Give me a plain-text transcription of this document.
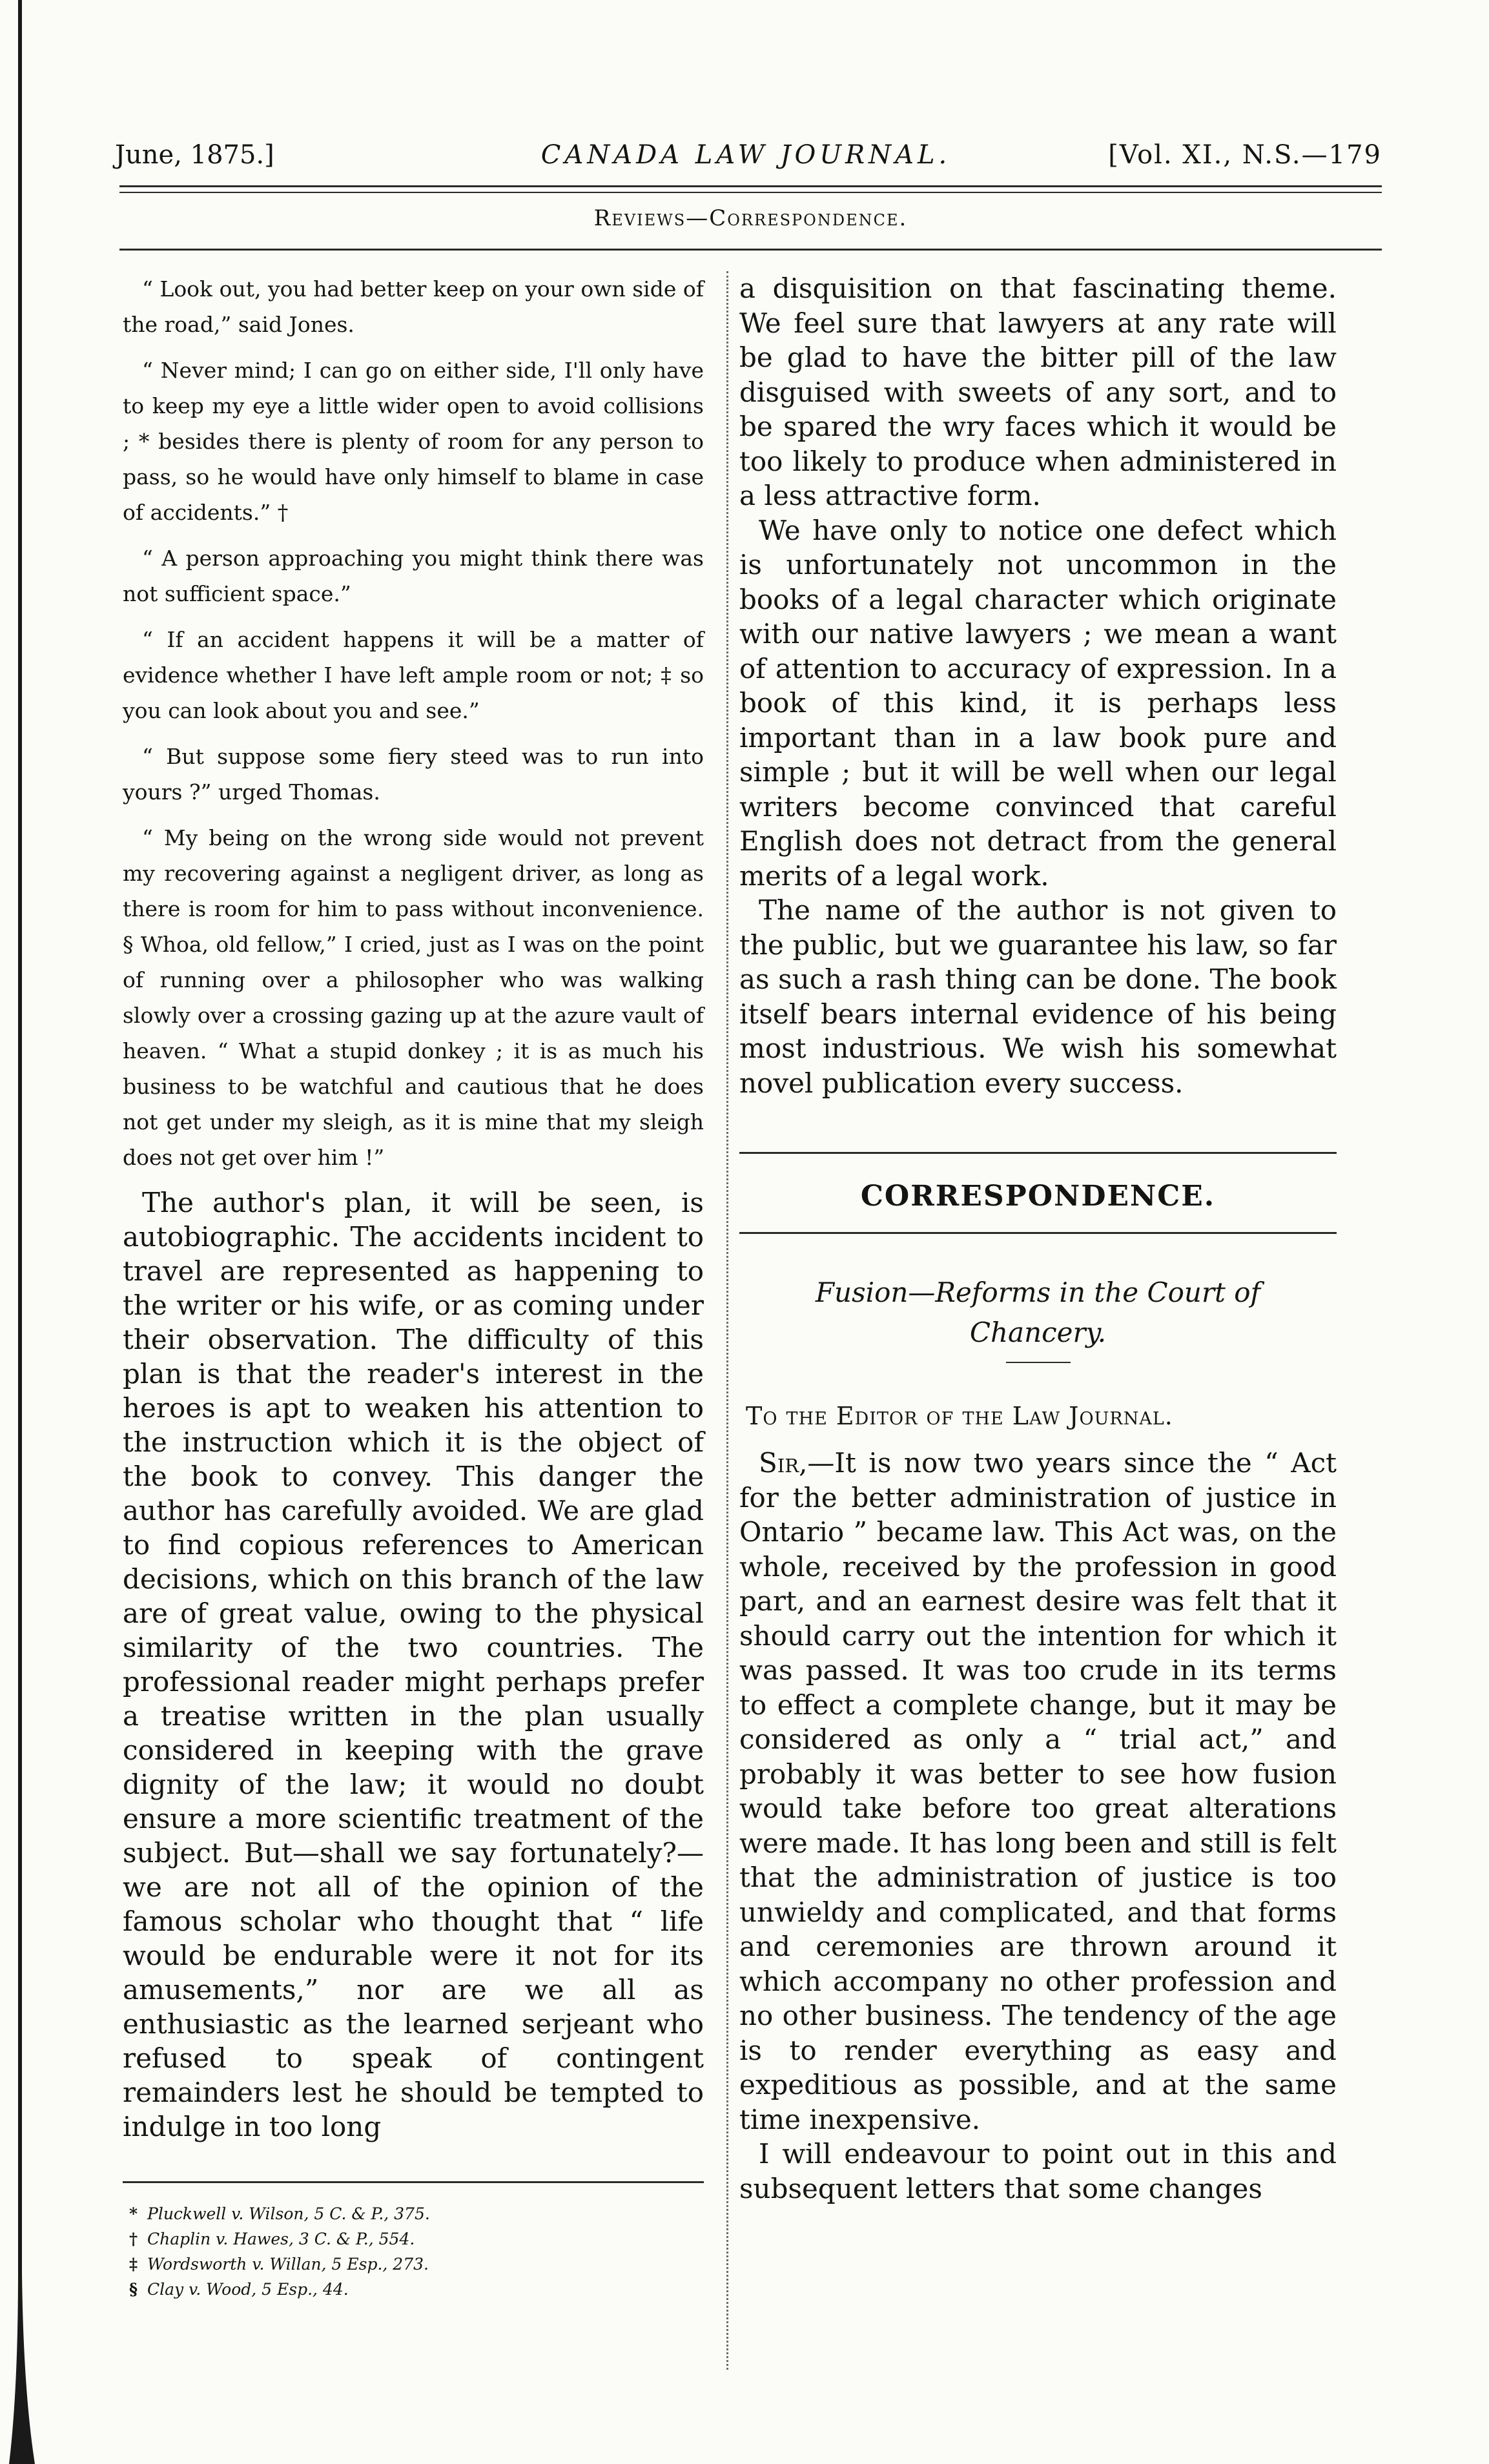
June, 1875.]	CANADA LAW JOURNAL.	[Vol. XI., N.S.—179
Reviews—Correspondence.

“ Look out, you had better keep on your own side of the road,” said Jones.

“ Never mind; I can go on either side, I'll only have to keep my eye a little wider open to avoid collisions ; * besides there is plenty of room for any person to pass, so he would have only himself to blame in case of accidents.” †

“ A person approaching you might think there was not sufficient space.”

“ If an accident happens it will be a matter of evidence whether I have left ample room or not; ‡ so you can look about you and see.”

“ But suppose some fiery steed was to run into yours ?” urged Thomas.

“ My being on the wrong side would not prevent my recovering against a negligent driver, as long as there is room for him to pass without inconvenience. § Whoa, old fellow,” I cried, just as I was on the point of running over a philosopher who was walking slowly over a crossing gazing up at the azure vault of heaven. “ What a stupid donkey ; it is as much his business to be watchful and cautious that he does not get under my sleigh, as it is mine that my sleigh does not get over him !”

The author's plan, it will be seen, is autobiographic. The accidents incident to travel are represented as happening to the writer or his wife, or as coming under their observation. The difficulty of this plan is that the reader's interest in the heroes is apt to weaken his attention to the instruction which it is the object of the book to convey. This danger the author has carefully avoided. We are glad to find copious references to American decisions, which on this branch of the law are of great value, owing to the physical similarity of the two countries. The professional reader might perhaps prefer a treatise written in the plan usually considered in keeping with the grave dignity of the law; it would no doubt ensure a more scientific treatment of the subject. But—shall we say fortunately?—we are not all of the opinion of the famous scholar who thought that “ life would be endurable were it not for its amusements,” nor are we all as enthusiastic as the learned serjeant who refused to speak of contingent remainders lest he should be tempted to indulge in too long

* Pluckwell v. Wilson, 5 C. & P., 375.

† Chaplin v. Hawes, 3 C. & P., 554.

‡ Wordsworth v. Willan, 5 Esp., 273.

§ Clay v. Wood, 5 Esp., 44.

a disquisition on that fascinating theme. We feel sure that lawyers at any rate will be glad to have the bitter pill of the law disguised with sweets of any sort, and to be spared the wry faces which it would be too likely to produce when administered in a less attractive form.

We have only to notice one defect which is unfortunately not uncommon in the books of a legal character which originate with our native lawyers ; we mean a want of attention to accuracy of expression. In a book of this kind, it is perhaps less important than in a law book pure and simple ; but it will be well when our legal writers become convinced that careful English does not detract from the general merits of a legal work.

The name of the author is not given to the public, but we guarantee his law, so far as such a rash thing can be done. The book itself bears internal evidence of his being most industrious. We wish his somewhat novel publication every success.

CORRESPONDENCE.
Fusion—Reforms in the Court of Chancery.
To the Editor of the Law Journal.

Sir,—It is now two years since the “ Act for the better administration of justice in Ontario ” became law. This Act was, on the whole, received by the profession in good part, and an earnest desire was felt that it should carry out the intention for which it was passed. It was too crude in its terms to effect a complete change, but it may be considered as only a “ trial act,” and probably it was better to see how fusion would take before too great alterations were made. It has long been and still is felt that the administration of justice is too unwieldy and complicated, and that forms and ceremonies are thrown around it which accompany no other profession and no other business. The tendency of the age is to render everything as easy and expeditious as possible, and at the same time inexpensive.

I will endeavour to point out in this and subsequent letters that some changes
